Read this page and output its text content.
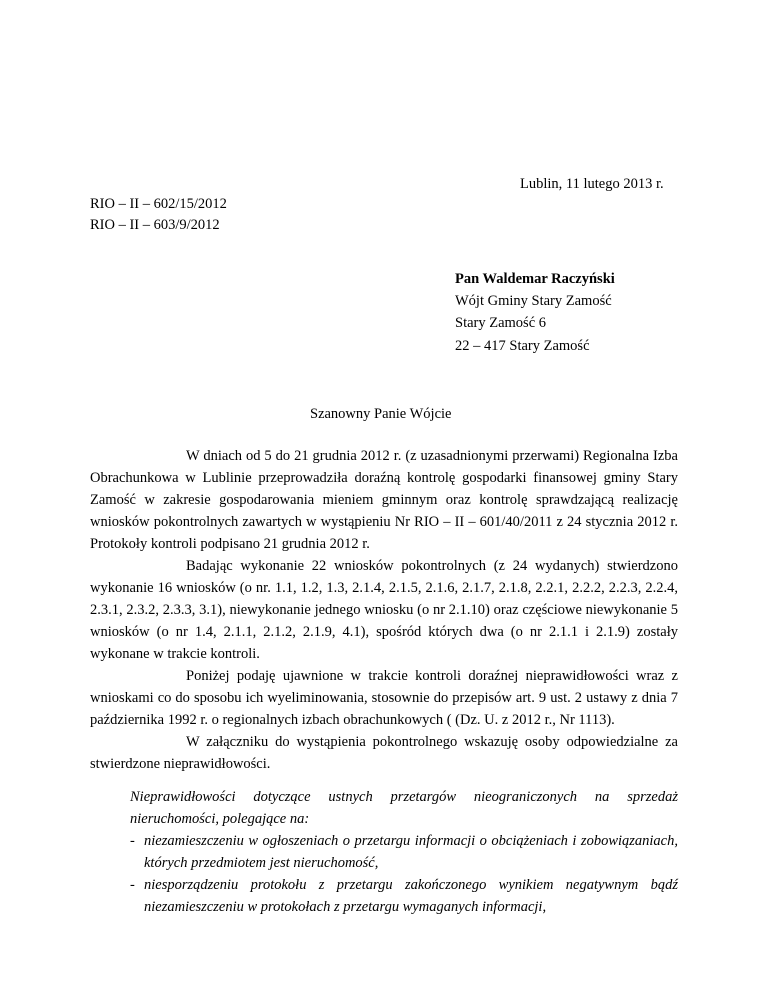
Lublin, 11 lutego 2013 r.
RIO – II – 602/15/2012
RIO – II – 603/9/2012
Pan Waldemar Raczyński
Wójt Gminy Stary Zamość
Stary Zamość 6
22 – 417 Stary Zamość
Szanowny Panie Wójcie

W dniach od 5 do 21 grudnia 2012 r. (z uzasadnionymi przerwami) Regionalna Izba Obrachunkowa w Lublinie przeprowadziła doraźną kontrolę gospodarki finansowej gminy Stary Zamość w zakresie gospodarowania mieniem gminnym oraz kontrolę sprawdzającą realizację wniosków pokontrolnych zawartych w wystąpieniu Nr RIO – II – 601/40/2011 z 24 stycznia 2012 r. Protokoły kontroli podpisano 21 grudnia 2012 r.

Badając wykonanie 22 wniosków pokontrolnych (z 24 wydanych) stwierdzono wykonanie 16 wniosków (o nr. 1.1, 1.2, 1.3, 2.1.4, 2.1.5, 2.1.6, 2.1.7, 2.1.8, 2.2.1, 2.2.2, 2.2.3, 2.2.4, 2.3.1, 2.3.2, 2.3.3, 3.1), niewykonanie jednego wniosku (o nr 2.1.10) oraz częściowe niewykonanie 5 wniosków (o nr 1.4, 2.1.1, 2.1.2, 2.1.9, 4.1), spośród których dwa (o nr 2.1.1 i 2.1.9) zostały wykonane w trakcie kontroli.

Poniżej podaję ujawnione w trakcie kontroli doraźnej nieprawidłowości wraz z wnioskami co do sposobu ich wyeliminowania, stosownie do przepisów art. 9 ust. 2 ustawy z dnia 7 października 1992 r. o regionalnych izbach obrachunkowych ( (Dz. U. z 2012 r., Nr 1113).

W załączniku do wystąpienia pokontrolnego wskazuję osoby odpowiedzialne za stwierdzone nieprawidłowości.

Nieprawidłowości dotyczące ustnych przetargów nieograniczonych na sprzedaż nieruchomości, polegające na:

- niezamieszczeniu w ogłoszeniach o przetargu informacji o obciążeniach i zobowiązaniach, których przedmiotem jest nieruchomość,
- niesporządzeniu protokołu z przetargu zakończonego wynikiem negatywnym bądź niezamieszczeniu w protokołach z przetargu wymaganych informacji,
